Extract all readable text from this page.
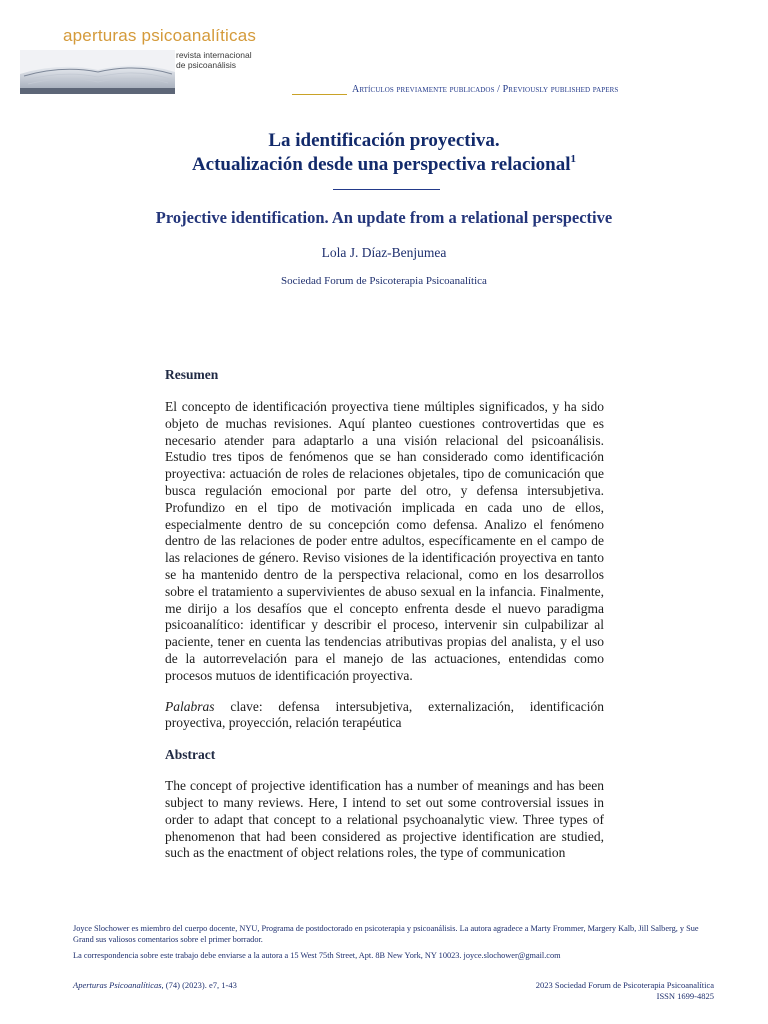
aperturas psicoanalíticas
revista internacional
de psicoanálisis
Artículos previamente publicados / Previously published papers
La identificación proyectiva.
Actualización desde una perspectiva relacional$^1$
Projective identification. An update from a relational perspective
Lola J. Díaz-Benjumea
Sociedad Forum de Psicoterapia Psicoanalítica
Resumen

El concepto de identificación proyectiva tiene múltiples significados, y ha sido objeto de muchas revisiones. Aquí planteo cuestiones controvertidas que es necesario atender para adaptarlo a una visión relacional del psicoanálisis. Estudio tres tipos de fenómenos que se han considerado como identificación proyectiva: actuación de roles de relaciones objetales, tipo de comunicación que busca regulación emocional por parte del otro, y defensa intersubjetiva. Profundizo en el tipo de motivación implicada en cada uno de ellos, especialmente dentro de su concepción como defensa. Analizo el fenómeno dentro de las relaciones de poder entre adultos, específicamente en el campo de las relaciones de género. Reviso visiones de la identificación proyectiva en tanto se ha mantenido dentro de la perspectiva relacional, como en los desarrollos sobre el tratamiento a supervivientes de abuso sexual en la infancia. Finalmente, me dirijo a los desafíos que el concepto enfrenta desde el nuevo paradigma psicoanalítico: identificar y describir el proceso, intervenir sin culpabilizar al paciente, tener en cuenta las tendencias atributivas propias del analista, y el uso de la autorrevelación para el manejo de las actuaciones, entendidas como procesos mutuos de identificación proyectiva.

Palabras clave: defensa intersubjetiva, externalización, identificación proyectiva, proyección, relación terapéutica

Abstract

The concept of projective identification has a number of meanings and has been subject to many reviews. Here, I intend to set out some controversial issues in order to adapt that concept to a relational psychoanalytic view. Three types of phenomenon that had been considered as projective identification are studied, such as the enactment of object relations roles, the type of communication

Joyce Slochower es miembro del cuerpo docente, NYU, Programa de postdoctorado en psicoterapia y psicoanálisis. La autora agradece a Marty Frommer, Margery Kalb, Jill Salberg, y Sue Grand sus valiosos comentarios sobre el primer borrador.

La correspondencia sobre este trabajo debe enviarse a la autora a 15 West 75th Street, Apt. 8B New York, NY 10023. joyce.slochower@gmail.com

Aperturas Psicoanalíticas, (74) (2023). e7, 1-43	2023 Sociedad Forum de Psicoterapia Psicoanalítica
ISSN 1699-4825
